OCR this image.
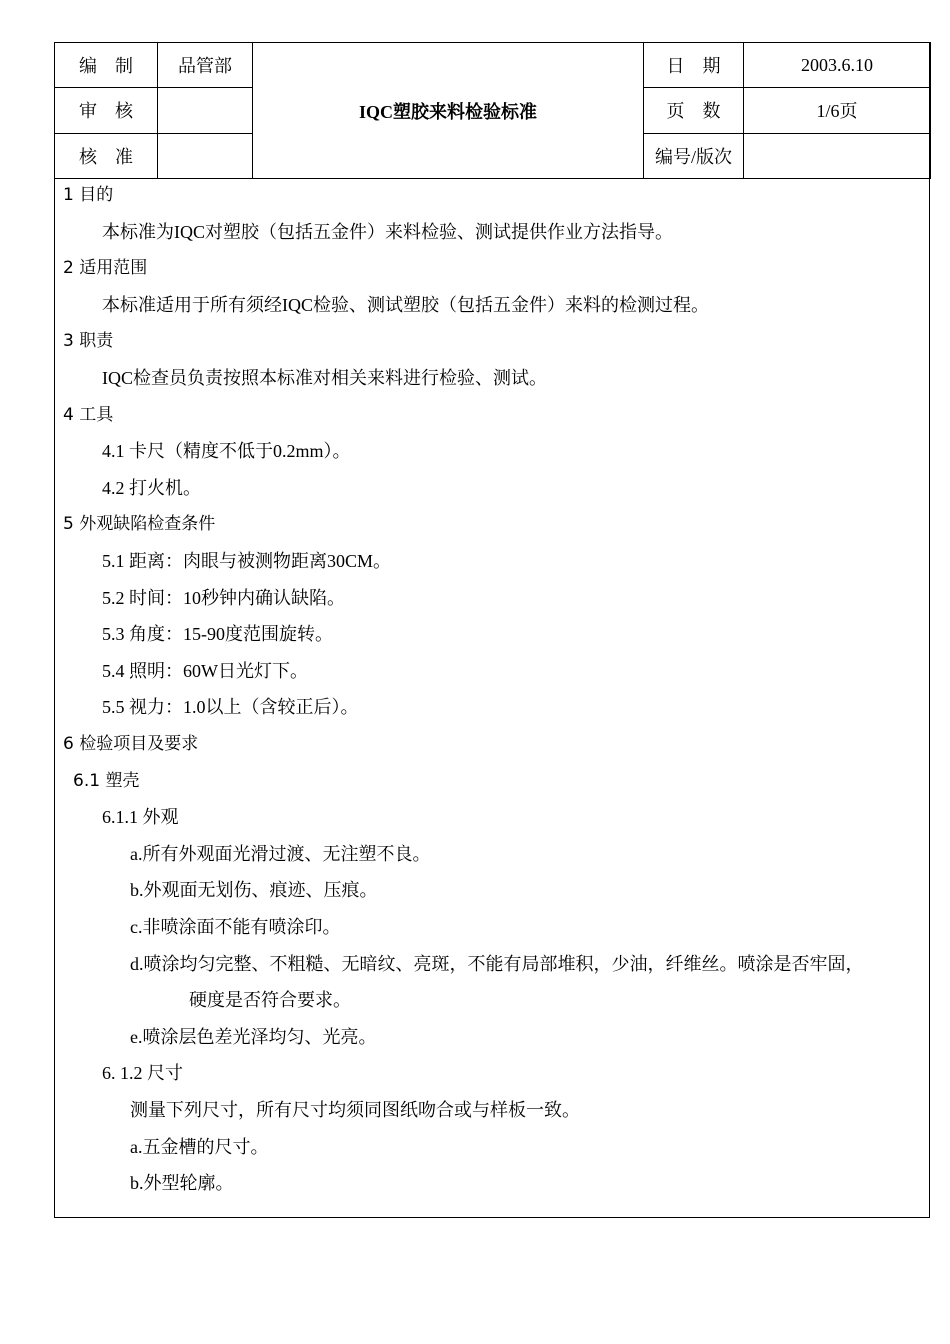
编　制	品管部	IQC塑胶来料检验标准	日　期	2003.6.10
审　核			页　数	1/6页
核　准			编号/版次	
1 目的
本标准为IQC对塑胶（包括五金件）来料检验、测试提供作业方法指导。
2 适用范围
本标准适用于所有须经IQC检验、测试塑胶（包括五金件）来料的检测过程。
3 职责
IQC检查员负责按照本标准对相关来料进行检验、测试。
4 工具
4.1 卡尺（精度不低于0.2mm）。
4.2 打火机。
5 外观缺陷检查条件
5.1 距离：肉眼与被测物距离30CM。
5.2 时间：10秒钟内确认缺陷。
5.3 角度：15-90度范围旋转。
5.4 照明：60W日光灯下。
5.5 视力：1.0以上（含较正后）。
6 检验项目及要求
6.1 塑壳
6.1.1 外观
a.所有外观面光滑过渡、无注塑不良。
b.外观面无划伤、痕迹、压痕。
c.非喷涂面不能有喷涂印。
d.喷涂均匀完整、不粗糙、无暗纹、亮斑，不能有局部堆积，少油，纤维丝。喷涂是否牢固，
硬度是否符合要求。
e.喷涂层色差光泽均匀、光亮。
6. 1.2 尺寸
测量下列尺寸，所有尺寸均须同图纸吻合或与样板一致。
a.五金槽的尺寸。
b.外型轮廓。
